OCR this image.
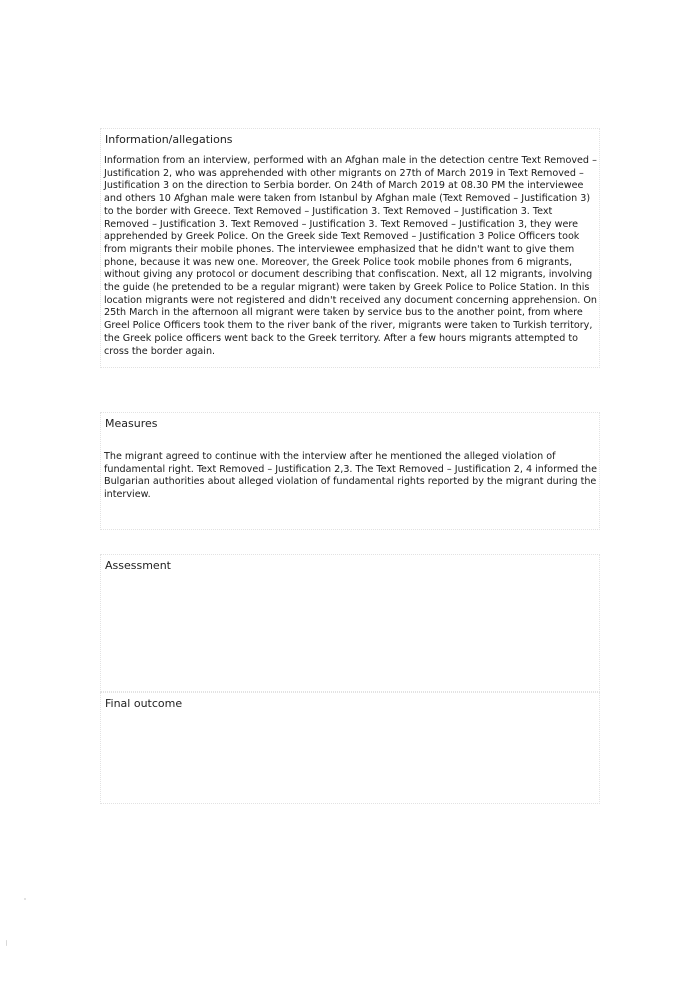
Information/allegations

Information from an interview, performed with an Afghan male in the detection centre Text Removed – Justification 2, who was apprehended with other migrants on 27th of March 2019 in Text Removed – Justification 3 on the direction to Serbia border. On 24th of March 2019 at 08.30 PM the interviewee and others 10 Afghan male were taken from Istanbul by Afghan male (Text Removed – Justification 3) to the border with Greece. Text Removed – Justification 3. Text Removed – Justification 3. Text Removed – Justification 3. Text Removed – Justification 3. Text Removed – Justification 3, they were apprehended by Greek Police. On the Greek side Text Removed – Justification 3 Police Officers took from migrants their mobile phones. The interviewee emphasized that he didn't want to give them phone, because it was new one. Moreover, the Greek Police took mobile phones from 6 migrants, without giving any protocol or document describing that confiscation. Next, all 12 migrants, involving the guide (he pretended to be a regular migrant) were taken by Greek Police to Police Station. In this location migrants were not registered and didn't received any document concerning apprehension. On 25th March in the afternoon all migrant were taken by service bus to the another point, from where Greel Police Officers took them to the river bank of the river, migrants were taken to Turkish territory, the Greek police officers went back to the Greek territory. After a few hours migrants attempted to cross the border again.

Measures

The migrant agreed to continue with the interview after he mentioned the alleged violation of fundamental right. Text Removed – Justification 2,3. The Text Removed – Justification 2, 4 informed the Bulgarian authorities about alleged violation of fundamental rights reported by the migrant during the interview.

Assessment
Final outcome
